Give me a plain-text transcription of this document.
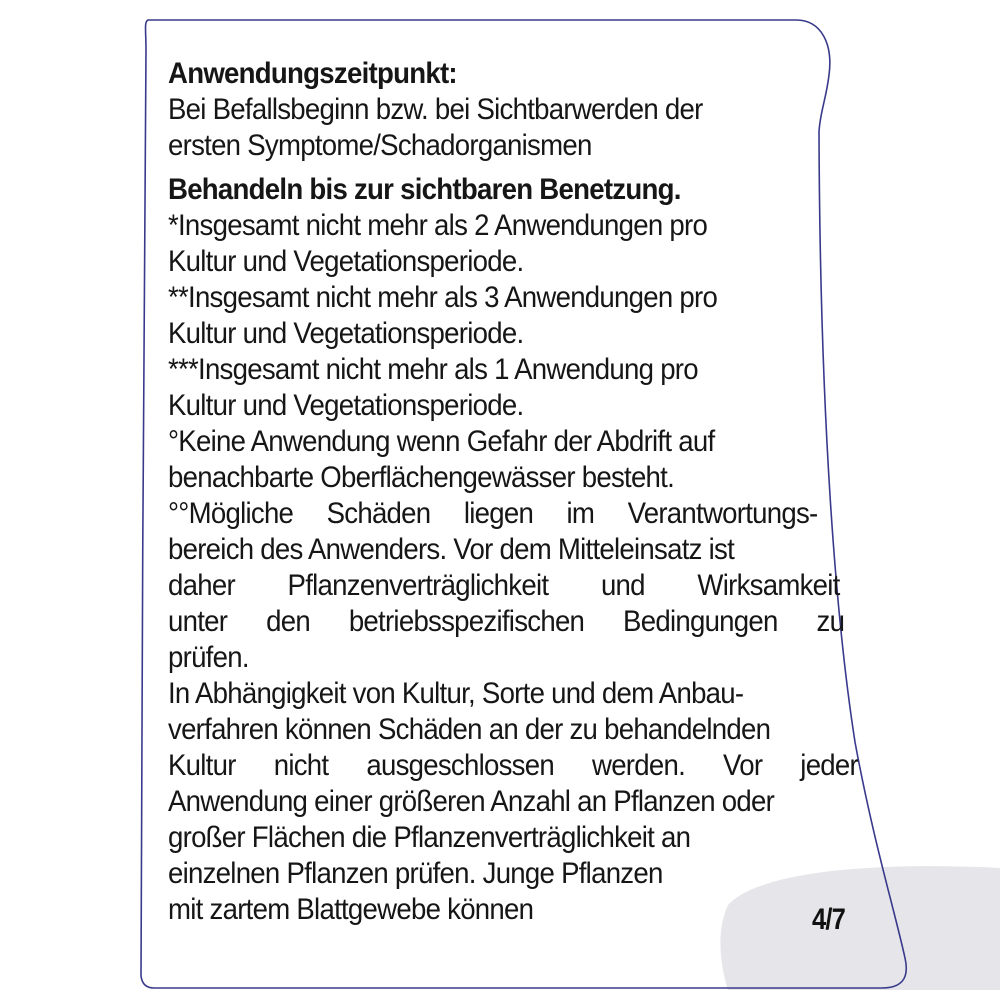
Anwendungszeitpunkt:
Bei Befallsbeginn bzw. bei Sichtbarwerden der
ersten Symptome/Schadorganismen
Behandeln bis zur sichtbaren Benetzung.
*Insgesamt nicht mehr als 2 Anwendungen pro
Kultur und Vegetationsperiode.
**Insgesamt nicht mehr als 3 Anwendungen pro
Kultur und Vegetationsperiode.
***Insgesamt nicht mehr als 1 Anwendung pro
Kultur und Vegetationsperiode.
°Keine Anwendung wenn Gefahr der Abdrift auf
benachbarte Oberflächengewässer besteht.
°°Mögliche Schäden liegen im Verantwortungs-
bereich des Anwenders. Vor dem Mitteleinsatz ist
daher Pflanzenverträglichkeit und Wirksamkeit
unter den betriebsspezifischen Bedingungen zu
prüfen.
In Abhängigkeit von Kultur, Sorte und dem Anbau-
verfahren können Schäden an der zu behandelnden
Kultur nicht ausgeschlossen werden. Vor jeder
Anwendung einer größeren Anzahl an Pflanzen oder
großer Flächen die Pflanzenverträglichkeit an
einzelnen Pflanzen prüfen. Junge Pflanzen
mit zartem Blattgewebe können	4/7
